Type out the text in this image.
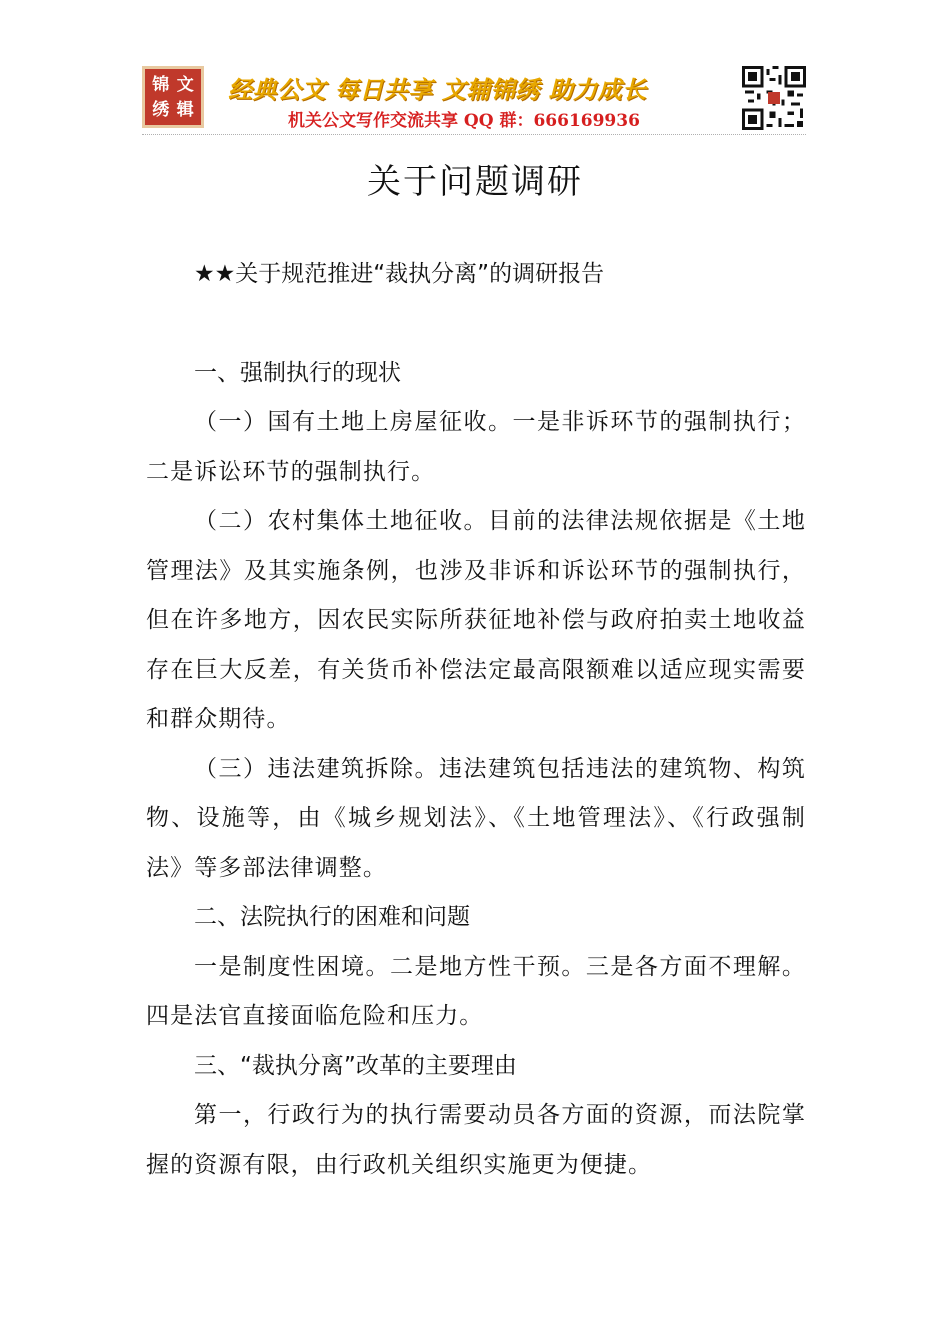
锦 文
绣 辑
经典公文 每日共享 文辅锦绣 助力成长
机关公文写作交流共享 QQ 群：666169936
关于问题调研
★★关于规范推进“裁执分离”的调研报告
一、强制执行的现状

（一）国有土地上房屋征收。一是非诉环节的强制执行；二是诉讼环节的强制执行。

（二）农村集体土地征收。目前的法律法规依据是《土地管理法》及其实施条例，也涉及非诉和诉讼环节的强制执行，但在许多地方，因农民实际所获征地补偿与政府拍卖土地收益存在巨大反差，有关货币补偿法定最高限额难以适应现实需要和群众期待。

（三）违法建筑拆除。违法建筑包括违法的建筑物、构筑物、设施等，由《城乡规划法》、《土地管理法》、《行政强制法》等多部法律调整。

二、法院执行的困难和问题

一是制度性困境。二是地方性干预。三是各方面不理解。四是法官直接面临危险和压力。

三、“裁执分离”改革的主要理由

第一，行政行为的执行需要动员各方面的资源，而法院掌握的资源有限，由行政机关组织实施更为便捷。
